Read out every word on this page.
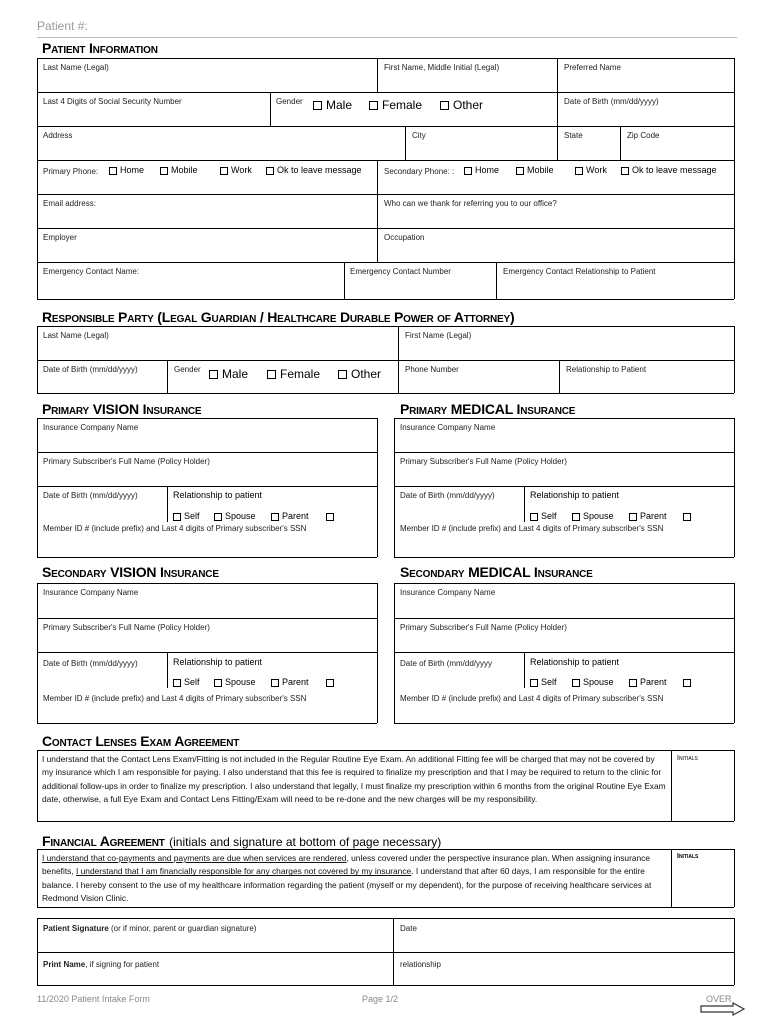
Patient #:
Patient Information
Last Name (Legal)	First Name, Middle Initial (Legal)	Preferred Name
Last 4 Digits of Social Security Number	Gender	Male	Female	Other	Date of Birth (mm/dd/yyyy)
Address	City	State	Zip Code
Primary Phone:	Home	Mobile	Work	Ok to leave message	Secondary Phone: :	Home	Mobile	Work	Ok to leave message
Email address:	Who can we thank for referring you to our office?
Employer	Occupation
Emergency Contact Name:	Emergency Contact Number	Emergency Contact Relationship to Patient
Responsible Party (Legal Guardian / Healthcare Durable Power of Attorney)
Last Name (Legal)	First Name (Legal)
Date of Birth (mm/dd/yyyy)	Gender	Male	Female	Other	Phone Number	Relationship to Patient
Primary VISION Insurance	Primary MEDICAL Insurance
Insurance Company Name
Primary Subscriber's Full Name (Policy Holder)
Date of Birth (mm/dd/yyyy)	Relationship to patient
Self	Spouse	Parent
Member ID # (include prefix) and Last 4 digits of Primary subscriber's SSN
Insurance Company Name
Primary Subscriber's Full Name (Policy Holder)
Date of Birth (mm/dd/yyyy)	Relationship to patient
Self	Spouse	Parent
Member ID # (include prefix) and Last 4 digits of Primary subscriber's SSN
Secondary VISION Insurance	Secondary MEDICAL Insurance
Insurance Company Name
Primary Subscriber's Full Name (Policy Holder)
Date of Birth (mm/dd/yyyy)	Relationship to patient
Self	Spouse	Parent
Member ID # (include prefix) and Last 4 digits of Primary subscriber's SSN
Insurance Company Name
Primary Subscriber's Full Name (Policy Holder)
Date of Birth (mm/dd/yyyy	Relationship to patient
Self	Spouse	Parent
Member ID # (include prefix) and Last 4 digits of Primary subscriber's SSN
Contact Lenses Exam Agreement
I understand that the Contact Lens Exam/Fitting is not included in the Regular Routine Eye Exam. An additional Fitting fee will be charged that may not be covered by my insurance which I am responsible for paying. I also understand that this fee is required to finalize my prescription and that I may be required to return to the clinic for additional follow-ups in order to finalize my prescription. I also understand that legally, I must finalize my prescription within 6 months from the original Routine Eye Exam date, otherwise, a full Eye Exam and Contact Lens Fitting/Exam will need to be re-done and the new charges will be my responsibility.
Initials
Financial Agreement (initials and signature at bottom of page necessary)
I understand that co-payments and payments are due when services are rendered, unless covered under the perspective insurance plan. When assigning insurance benefits, I understand that I am financially responsible for any charges not covered by my insurance. I understand that after 60 days, I am responsible for the entire balance. I hereby consent to the use of my healthcare information regarding the patient (myself or my dependent), for the purpose of receiving healthcare services at Redmond Vision Clinic.
Initials
Patient Signature (or if minor, parent or guardian signature)	Date
Print Name, if signing for patient	relationship
11/2020 Patient Intake Form	Page 1/2	OVER
